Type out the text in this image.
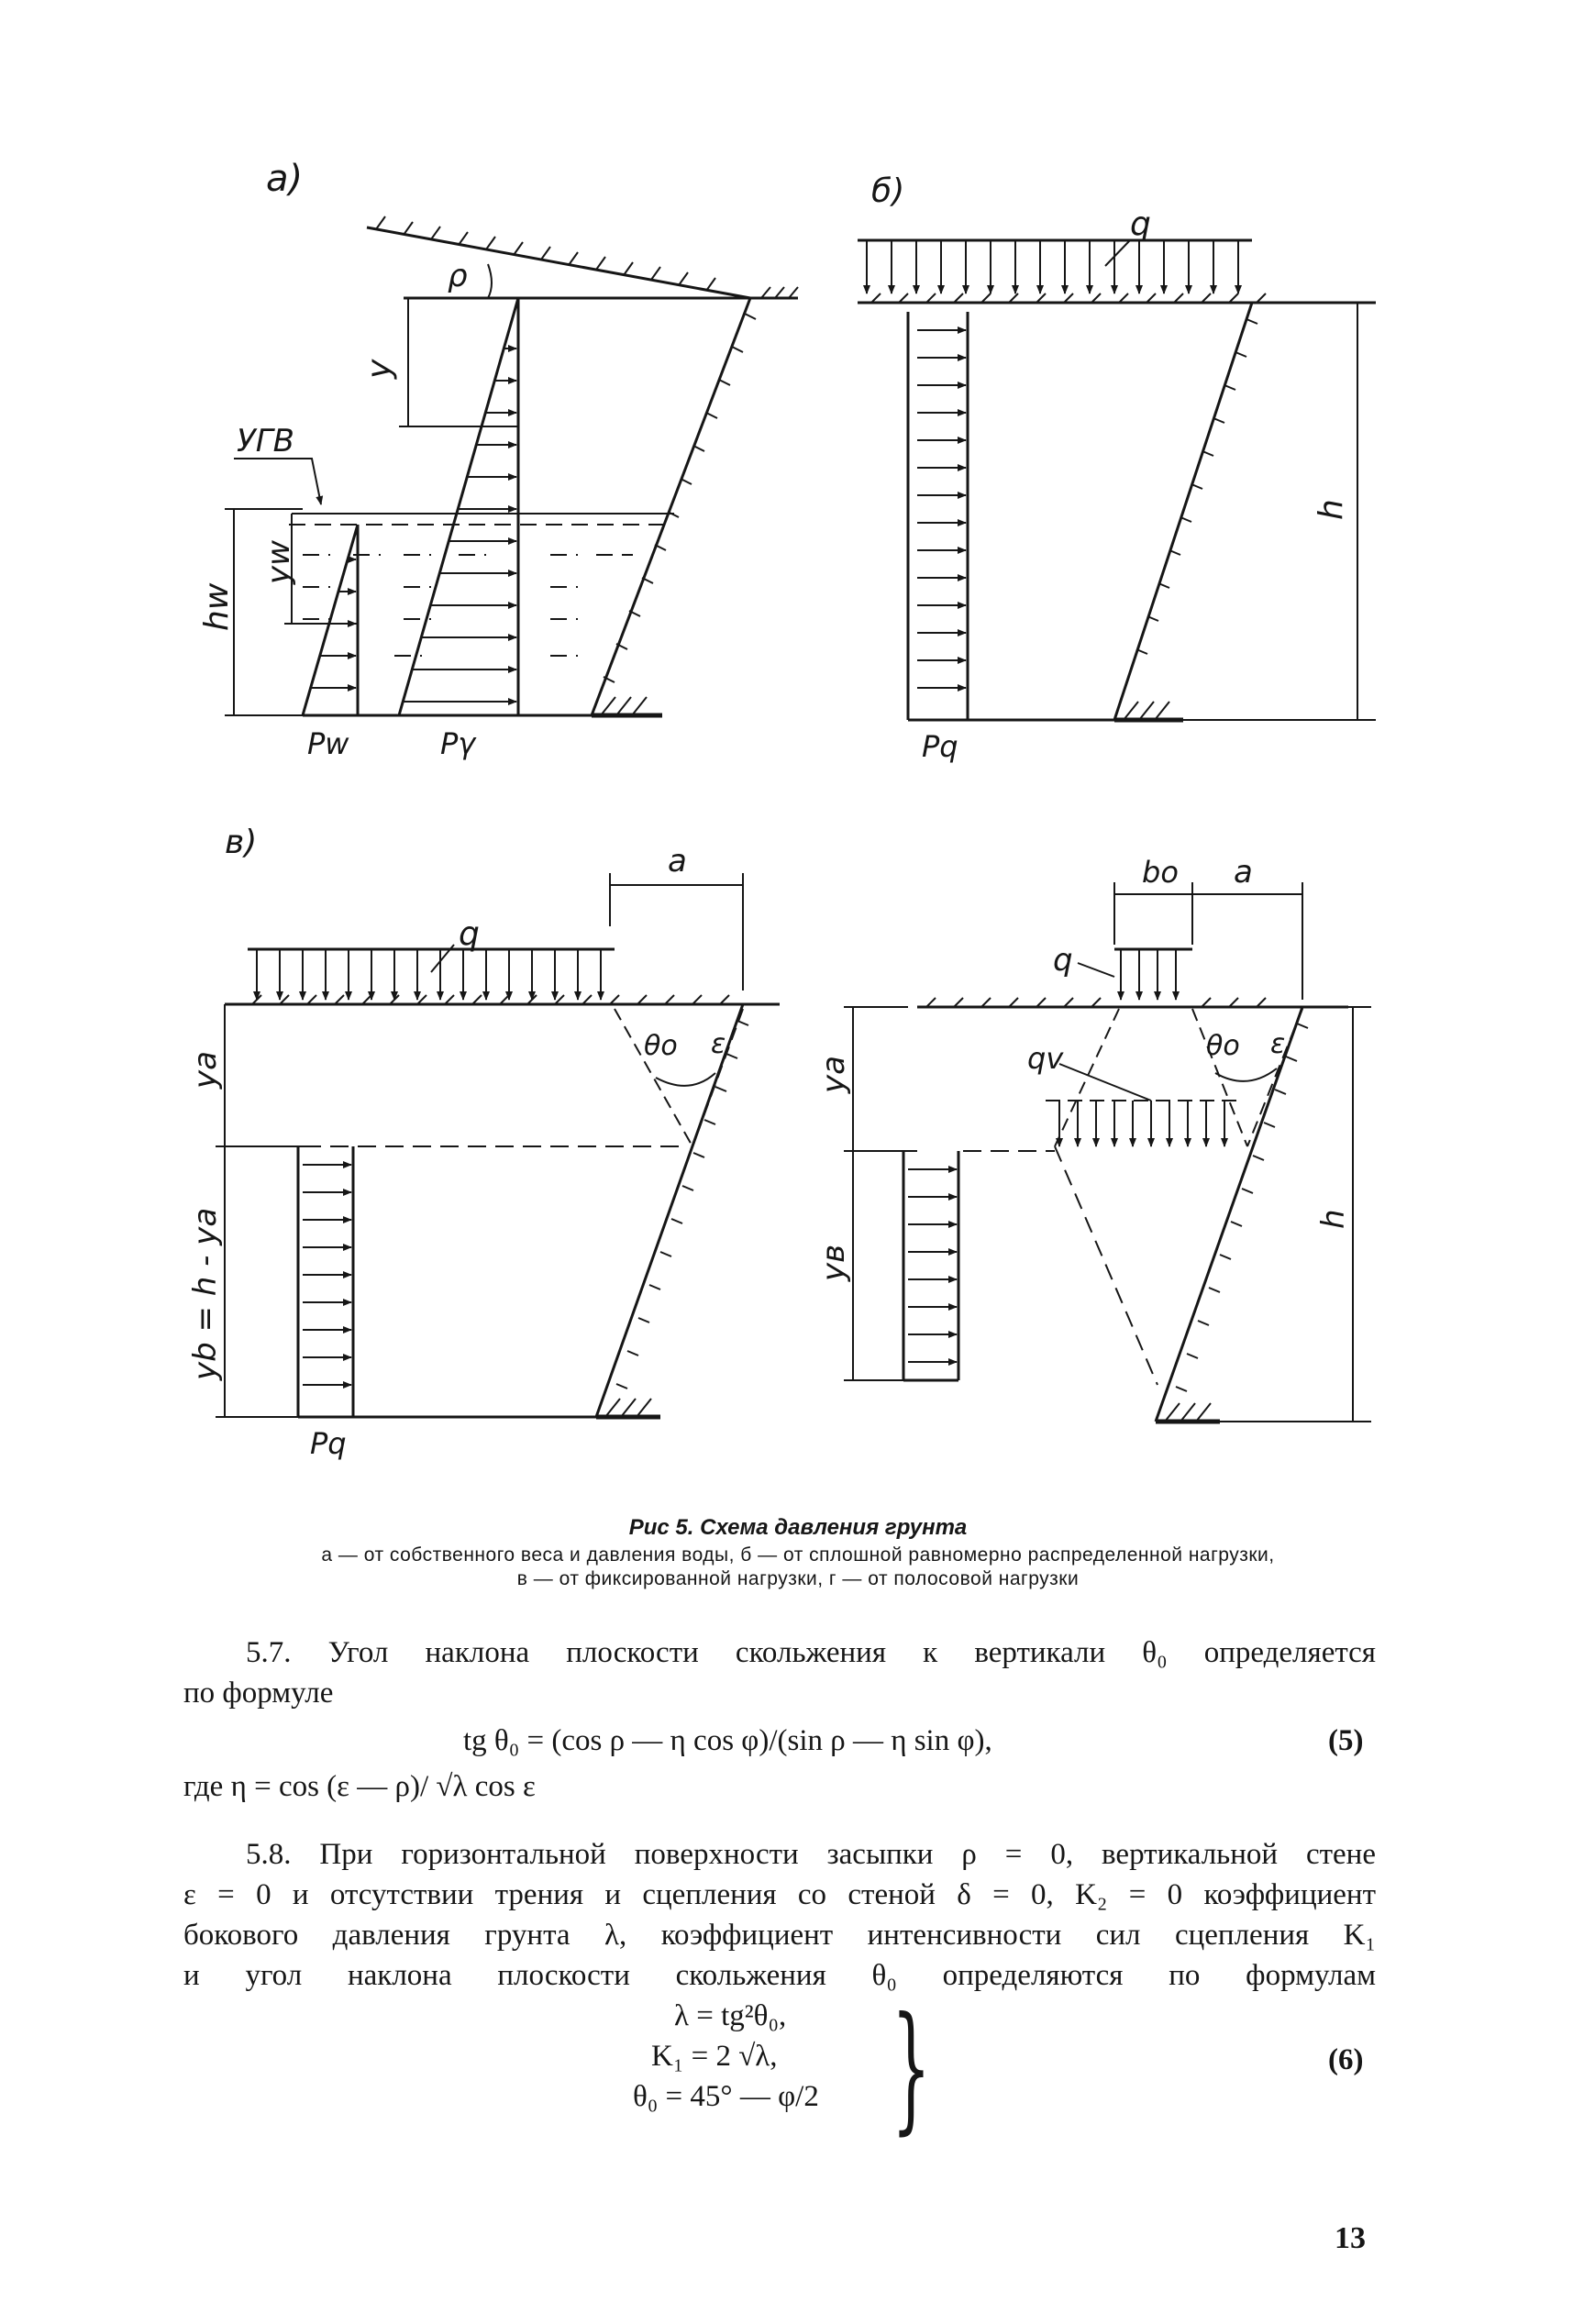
а)
ρ
y
УГВ
hw
yw
Pw	Pγ
б)
q
h
Pq
в)	a
q
θo ε
ya
yb = h - ya
Pq
bo a
q
θo ε
qv
ya
yв
h
Рис 5. Схема давления грунта
а — от собственного веса и давления воды, б — от сплошной равномерно распределенной нагрузки,
в — от фиксированной нагрузки, г — от полосовой нагрузки
5.7. Угол наклона плоскости скольжения к вертикали θ₀ определяется
по формуле
tg θ₀ = (cos ρ — η cos φ)/(sin ρ — η sin φ),	(5)
где η = cos (ε — ρ)/ √λ cos ε
5.8. При горизонтальной поверхности засыпки ρ = 0, вертикальной стене
ε = 0 и отсутствии трения и сцепления со стеной δ = 0, K₂ = 0 коэффициент
бокового давления грунта λ, коэффициент интенсивности сил сцепления K₁
и угол наклона плоскости скольжения θ₀ определяются по формулам
λ = tg²θ₀,
K₁ = 2 √λ,
θ₀ = 45° — φ/2 }	(6)
13
